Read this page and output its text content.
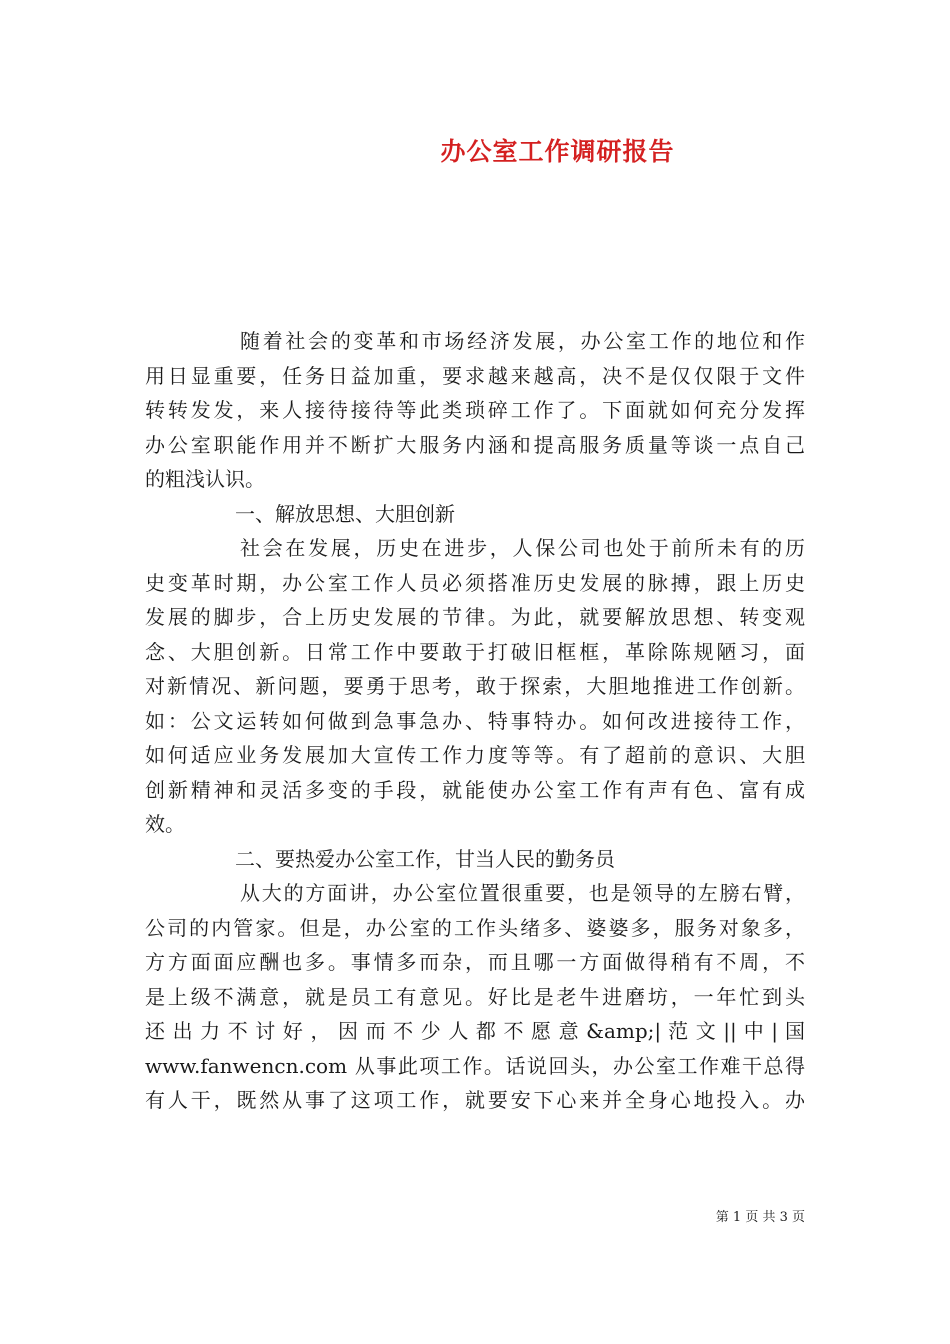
办公室工作调研报告
随着社会的变革和市场经济发展，办公室工作的地位和作
用日显重要，任务日益加重，要求越来越高，决不是仅仅限于文件
转转发发，来人接待接待等此类琐碎工作了。下面就如何充分发挥
办公室职能作用并不断扩大服务内涵和提高服务质量等谈一点自己
的粗浅认识。
一、解放思想、大胆创新
社会在发展，历史在进步，人保公司也处于前所未有的历
史变革时期，办公室工作人员必须搭准历史发展的脉搏，跟上历史
发展的脚步，合上历史发展的节律。为此，就要解放思想、转变观
念、大胆创新。日常工作中要敢于打破旧框框，革除陈规陋习，面
对新情况、新问题，要勇于思考，敢于探索，大胆地推进工作创新。
如：公文运转如何做到急事急办、特事特办。如何改进接待工作，
如何适应业务发展加大宣传工作力度等等。有了超前的意识、大胆
创新精神和灵活多变的手段，就能使办公室工作有声有色、富有成
效。
二、要热爱办公室工作，甘当人民的勤务员
从大的方面讲，办公室位置很重要，也是领导的左膀右臂，
公司的内管家。但是，办公室的工作头绪多、婆婆多，服务对象多，
方方面面应酬也多。事情多而杂，而且哪一方面做得稍有不周，不
是上级不满意，就是员工有意见。好比是老牛进磨坊，一年忙到头
还 出 力 不 讨 好 ， 因 而 不 少 人 都 不 愿 意 &amp;| 范 文 || 中 | 国
www.fanwencn.com 从事此项工作。话说回头，办公室工作难干总得
有人干，既然从事了这项工作，就要安下心来并全身心地投入。办
第 1 页 共 3 页
